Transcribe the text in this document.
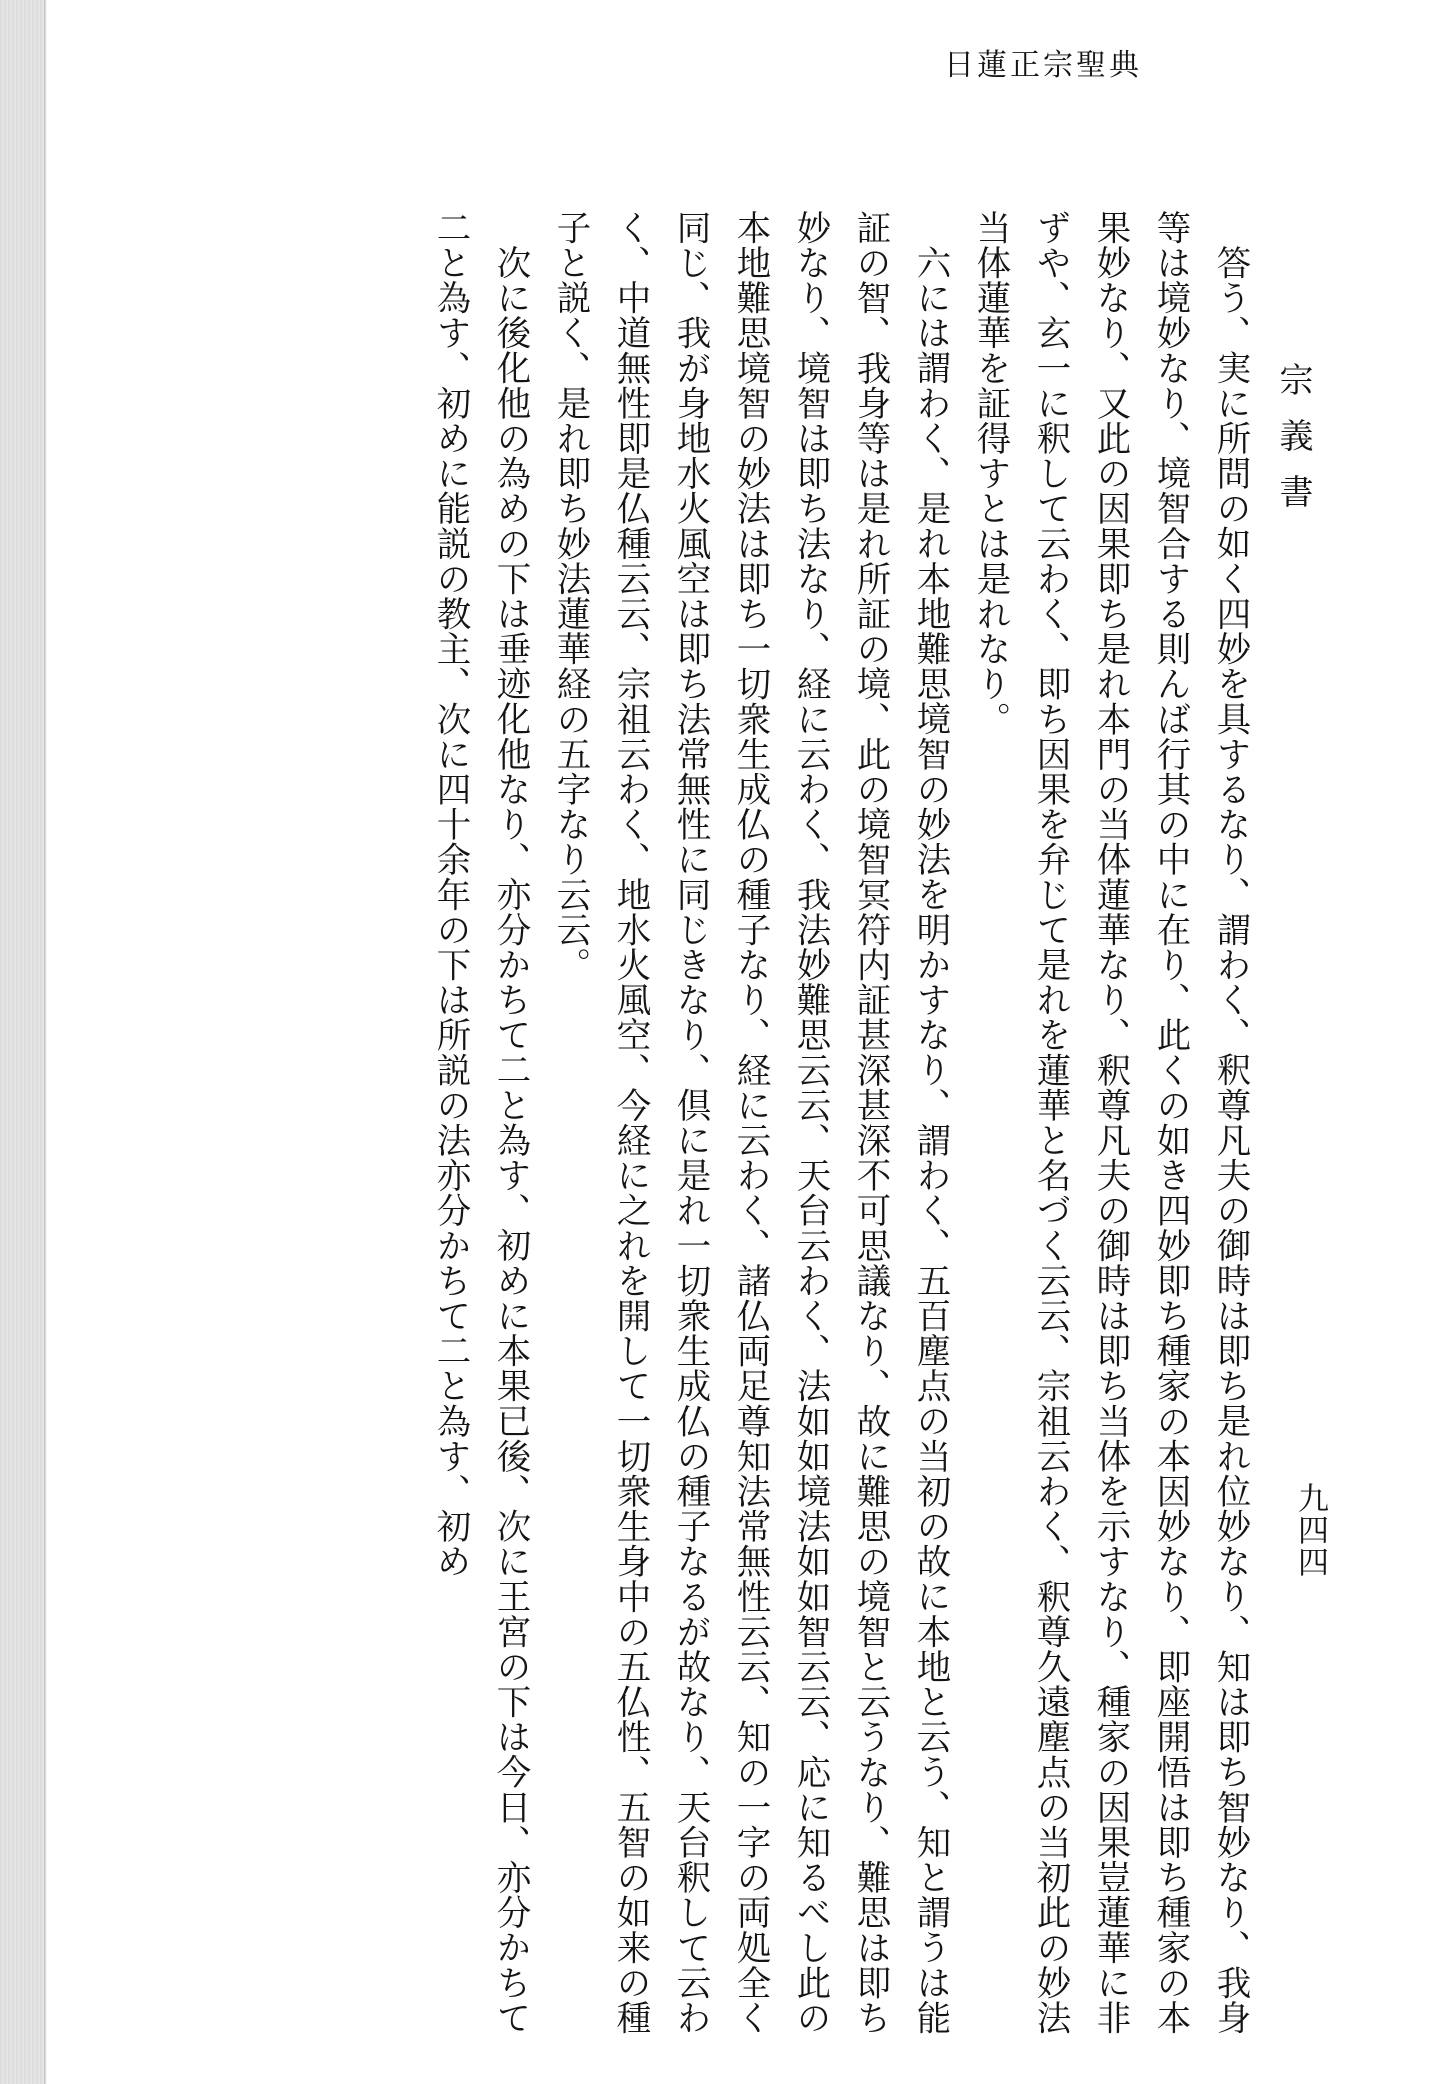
日蓮正宗聖典
宗義書
九四四

答う、実に所問の如く四妙を具するなり、謂わく、釈尊凡夫の御時は即ち是れ位妙なり、知は即ち智妙なり、我身等は境妙なり、境智合する則んば行其の中に在り、此くの如き四妙即ち種家の本因妙なり、即座開悟は即ち種家の本果妙なり、又此の因果即ち是れ本門の当体蓮華なり、釈尊凡夫の御時は即ち当体を示すなり、種家の因果豈蓮華に非ずや、玄一に釈して云わく、即ち因果を弁じて是れを蓮華と名づく云云、宗祖云わく、釈尊久遠塵点の当初此の妙法当体蓮華を証得すとは是れなり。

六には謂わく、是れ本地難思境智の妙法を明かすなり、謂わく、五百塵点の当初の故に本地と云う、知と謂うは能証の智、我身等は是れ所証の境、此の境智冥符内証甚深甚深不可思議なり、故に難思の境智と云うなり、難思は即ち妙なり、境智は即ち法なり、経に云わく、我法妙難思云云、天台云わく、法如如境法如如智云云、応に知るべし此の本地難思境智の妙法は即ち一切衆生成仏の種子なり、経に云わく、諸仏両足尊知法常無性云云、知の一字の両処全く同じ、我が身地水火風空は即ち法常無性に同じきなり、倶に是れ一切衆生成仏の種子なるが故なり、天台釈して云わく、中道無性即是仏種云云、宗祖云わく、地水火風空、今経に之れを開して一切衆生身中の五仏性、五智の如来の種子と説く、是れ即ち妙法蓮華経の五字なり云云。

次に後化他の為めの下は垂迹化他なり、亦分かちて二と為す、初めに本果已後、次に王宮の下は今日、亦分かちて二と為す、初めに能説の教主、次に四十余年の下は所説の法亦分かちて二と為す、初め
